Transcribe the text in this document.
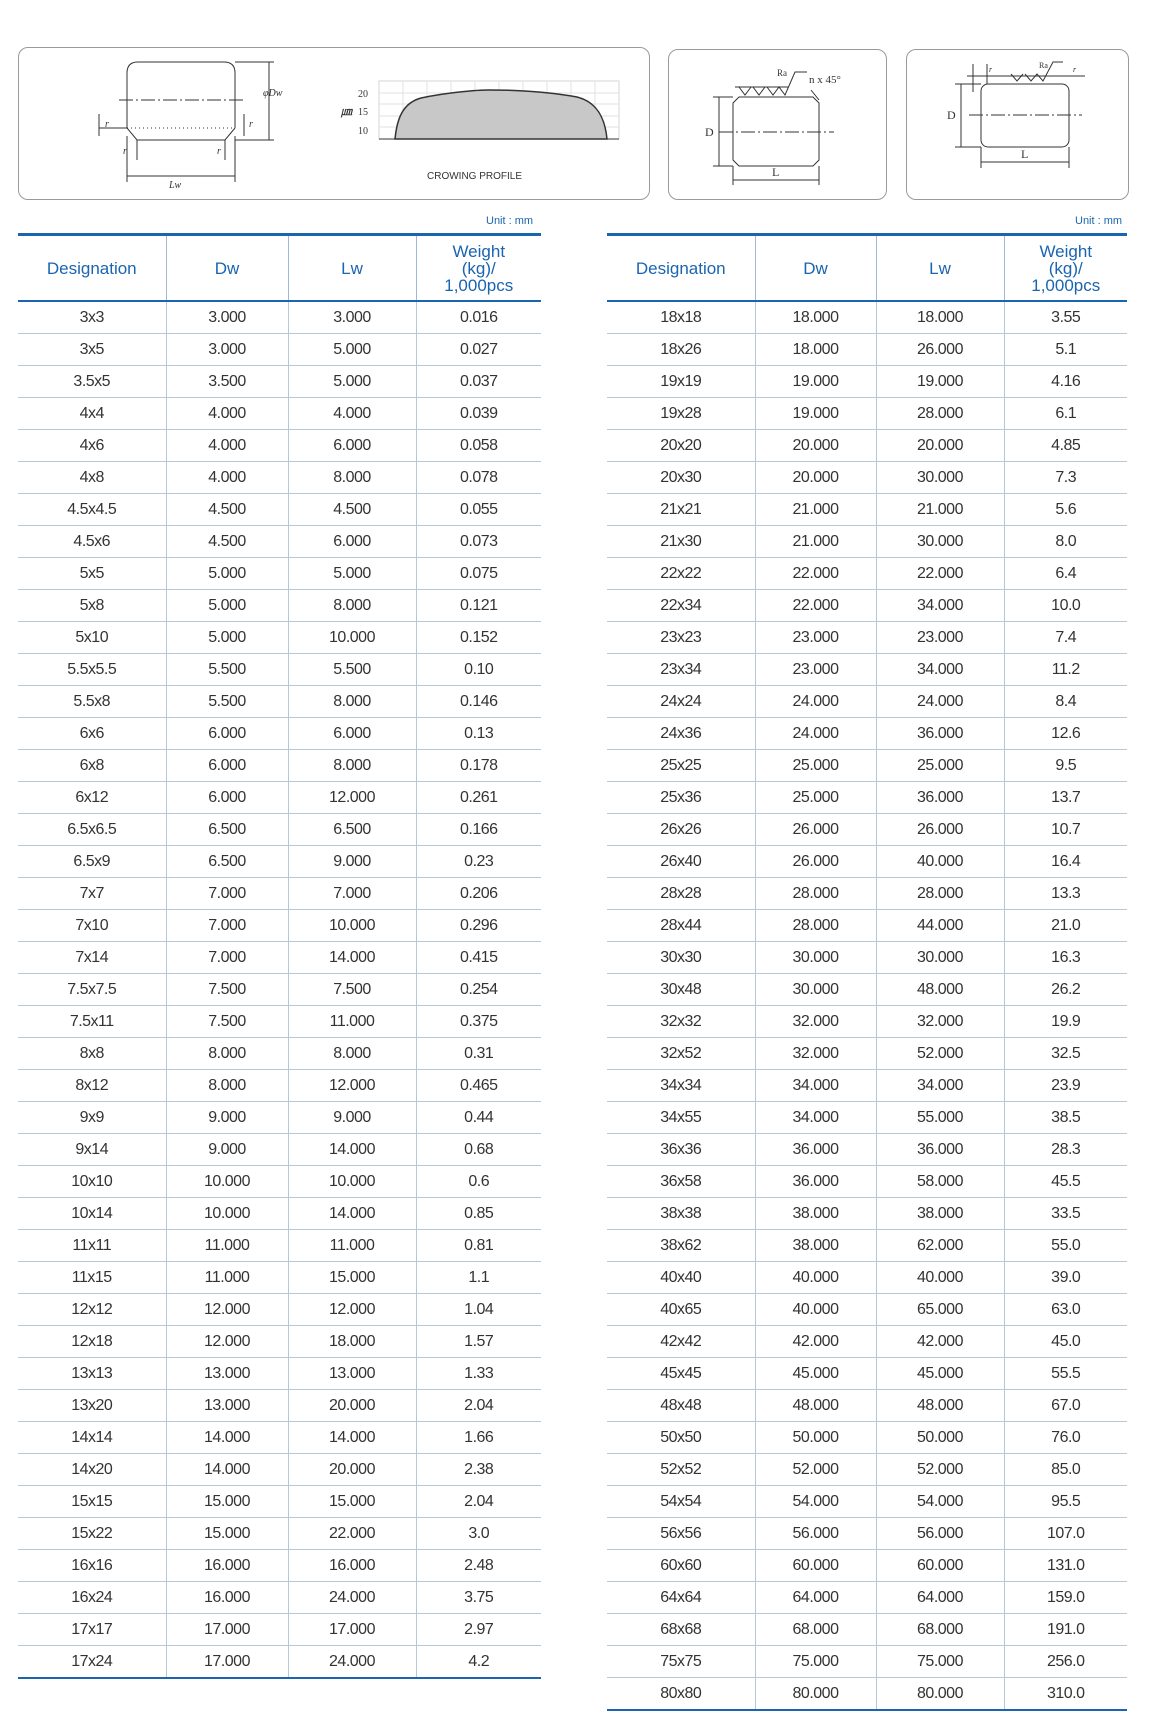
φDw
Lw
r
r	r
r
20
15
10
㎛
CROWING PROFILE
Ra
n x 45°
D
L
Ra
r	r
D
L
Unit : mm	Unit : mm
Designation	Dw	Lw	Weight
(kg)/
1,000pcs
3x3	3.000	3.000	0.016
3x5	3.000	5.000	0.027
3.5x5	3.500	5.000	0.037
4x4	4.000	4.000	0.039
4x6	4.000	6.000	0.058
4x8	4.000	8.000	0.078
4.5x4.5	4.500	4.500	0.055
4.5x6	4.500	6.000	0.073
5x5	5.000	5.000	0.075
5x8	5.000	8.000	0.121
5x10	5.000	10.000	0.152
5.5x5.5	5.500	5.500	0.10
5.5x8	5.500	8.000	0.146
6x6	6.000	6.000	0.13
6x8	6.000	8.000	0.178
6x12	6.000	12.000	0.261
6.5x6.5	6.500	6.500	0.166
6.5x9	6.500	9.000	0.23
7x7	7.000	7.000	0.206
7x10	7.000	10.000	0.296
7x14	7.000	14.000	0.415
7.5x7.5	7.500	7.500	0.254
7.5x11	7.500	11.000	0.375
8x8	8.000	8.000	0.31
8x12	8.000	12.000	0.465
9x9	9.000	9.000	0.44
9x14	9.000	14.000	0.68
10x10	10.000	10.000	0.6
10x14	10.000	14.000	0.85
11x11	11.000	11.000	0.81
11x15	11.000	15.000	1.1
12x12	12.000	12.000	1.04
12x18	12.000	18.000	1.57
13x13	13.000	13.000	1.33
13x20	13.000	20.000	2.04
14x14	14.000	14.000	1.66
14x20	14.000	20.000	2.38
15x15	15.000	15.000	2.04
15x22	15.000	22.000	3.0
16x16	16.000	16.000	2.48
16x24	16.000	24.000	3.75
17x17	17.000	17.000	2.97
17x24	17.000	24.000	4.2
Designation	Dw	Lw	Weight
(kg)/
1,000pcs
18x18	18.000	18.000	3.55
18x26	18.000	26.000	5.1
19x19	19.000	19.000	4.16
19x28	19.000	28.000	6.1
20x20	20.000	20.000	4.85
20x30	20.000	30.000	7.3
21x21	21.000	21.000	5.6
21x30	21.000	30.000	8.0
22x22	22.000	22.000	6.4
22x34	22.000	34.000	10.0
23x23	23.000	23.000	7.4
23x34	23.000	34.000	11.2
24x24	24.000	24.000	8.4
24x36	24.000	36.000	12.6
25x25	25.000	25.000	9.5
25x36	25.000	36.000	13.7
26x26	26.000	26.000	10.7
26x40	26.000	40.000	16.4
28x28	28.000	28.000	13.3
28x44	28.000	44.000	21.0
30x30	30.000	30.000	16.3
30x48	30.000	48.000	26.2
32x32	32.000	32.000	19.9
32x52	32.000	52.000	32.5
34x34	34.000	34.000	23.9
34x55	34.000	55.000	38.5
36x36	36.000	36.000	28.3
36x58	36.000	58.000	45.5
38x38	38.000	38.000	33.5
38x62	38.000	62.000	55.0
40x40	40.000	40.000	39.0
40x65	40.000	65.000	63.0
42x42	42.000	42.000	45.0
45x45	45.000	45.000	55.5
48x48	48.000	48.000	67.0
50x50	50.000	50.000	76.0
52x52	52.000	52.000	85.0
54x54	54.000	54.000	95.5
56x56	56.000	56.000	107.0
60x60	60.000	60.000	131.0
64x64	64.000	64.000	159.0
68x68	68.000	68.000	191.0
75x75	75.000	75.000	256.0
80x80	80.000	80.000	310.0
